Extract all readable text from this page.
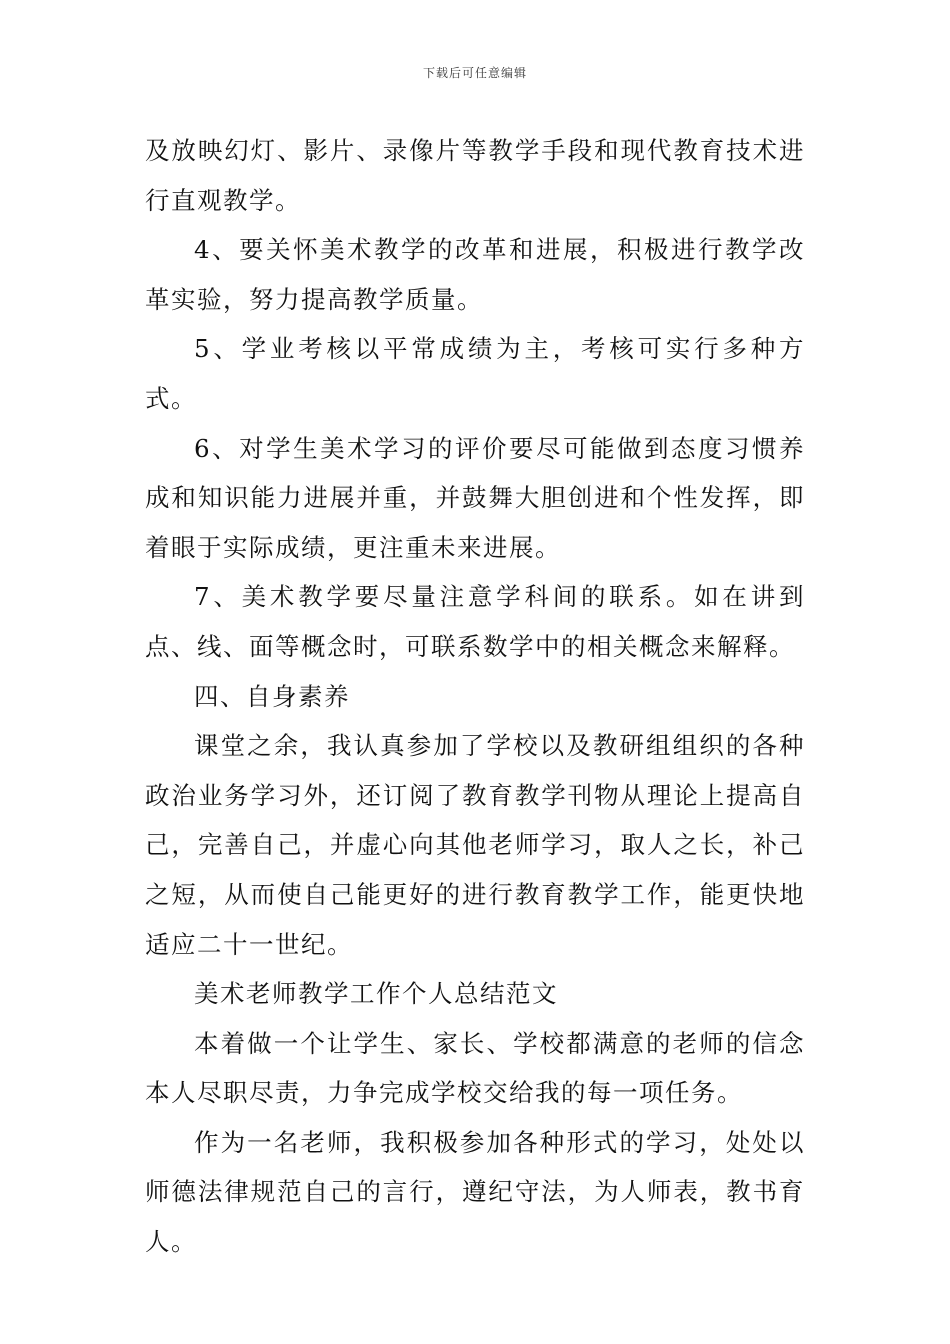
下载后可任意编辑

及放映幻灯、影片、录像片等教学手段和现代教育技术进行直观教学。

4、要关怀美术教学的改革和进展，积极进行教学改革实验，努力提高教学质量。

5、学业考核以平常成绩为主，考核可实行多种方式。

6、对学生美术学习的评价要尽可能做到态度习惯养成和知识能力进展并重，并鼓舞大胆创进和个性发挥，即着眼于实际成绩，更注重未来进展。

7、美术教学要尽量注意学科间的联系。如在讲到点、线、面等概念时，可联系数学中的相关概念来解释。

四、自身素养

课堂之余，我认真参加了学校以及教研组组织的各种政治业务学习外，还订阅了教育教学刊物从理论上提高自己，完善自己，并虚心向其他老师学习，取人之长，补己之短，从而使自己能更好的进行教育教学工作，能更快地适应二十一世纪。

美术老师教学工作个人总结范文

本着做一个让学生、家长、学校都满意的老师的信念本人尽职尽责，力争完成学校交给我的每一项任务。

作为一名老师，我积极参加各种形式的学习，处处以师德法律规范自己的言行，遵纪守法，为人师表，教书育人。
